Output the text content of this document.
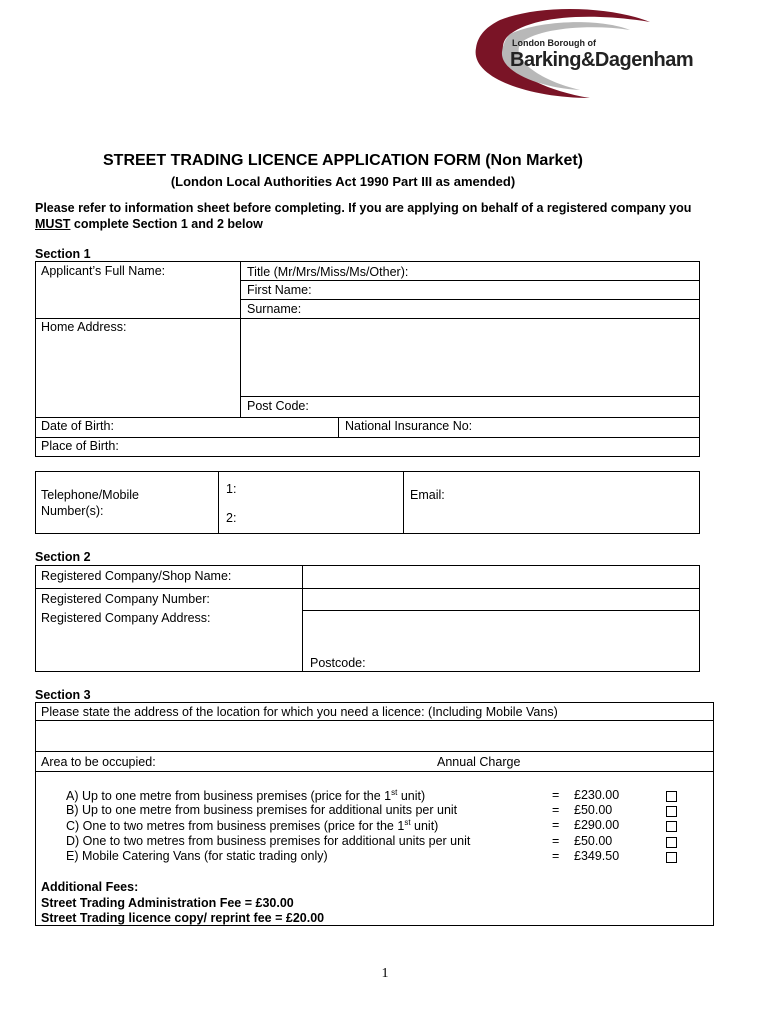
London Borough of
Barking&Dagenham
STREET TRADING LICENCE APPLICATION FORM (Non Market)
(London Local Authorities Act 1990 Part III as amended)
Please refer to information sheet before completing. If you are applying on behalf of a registered company you MUST complete Section 1 and 2 below
Section 1
Applicant’s Full Name:	Title (Mr/Mrs/Miss/Ms/Other):
First Name:
Surname:
Home Address:
Post Code:
Date of Birth:	National Insurance No:
Place of Birth:
Telephone/Mobile
Number(s):
1:
2:
Email:
Section 2
Registered Company/Shop Name:
Registered Company Number:
Registered Company Address:
Postcode:
Section 3
Please state the address of the location for which you need a licence: (Including Mobile Vans)
Area to be occupied:	Annual Charge
A) Up to one metre from business premises (price for the 1st unit)	= £230.00
B) Up to one metre from business premises for additional units per unit	= £50.00
C) One to two metres from business premises (price for the 1st unit)	= £290.00
D) One to two metres from business premises for additional units per unit	= £50.00
E) Mobile Catering Vans (for static trading only)	= £349.50
Additional Fees:
Street Trading Administration Fee = £30.00
Street Trading licence copy/ reprint fee = £20.00
1
